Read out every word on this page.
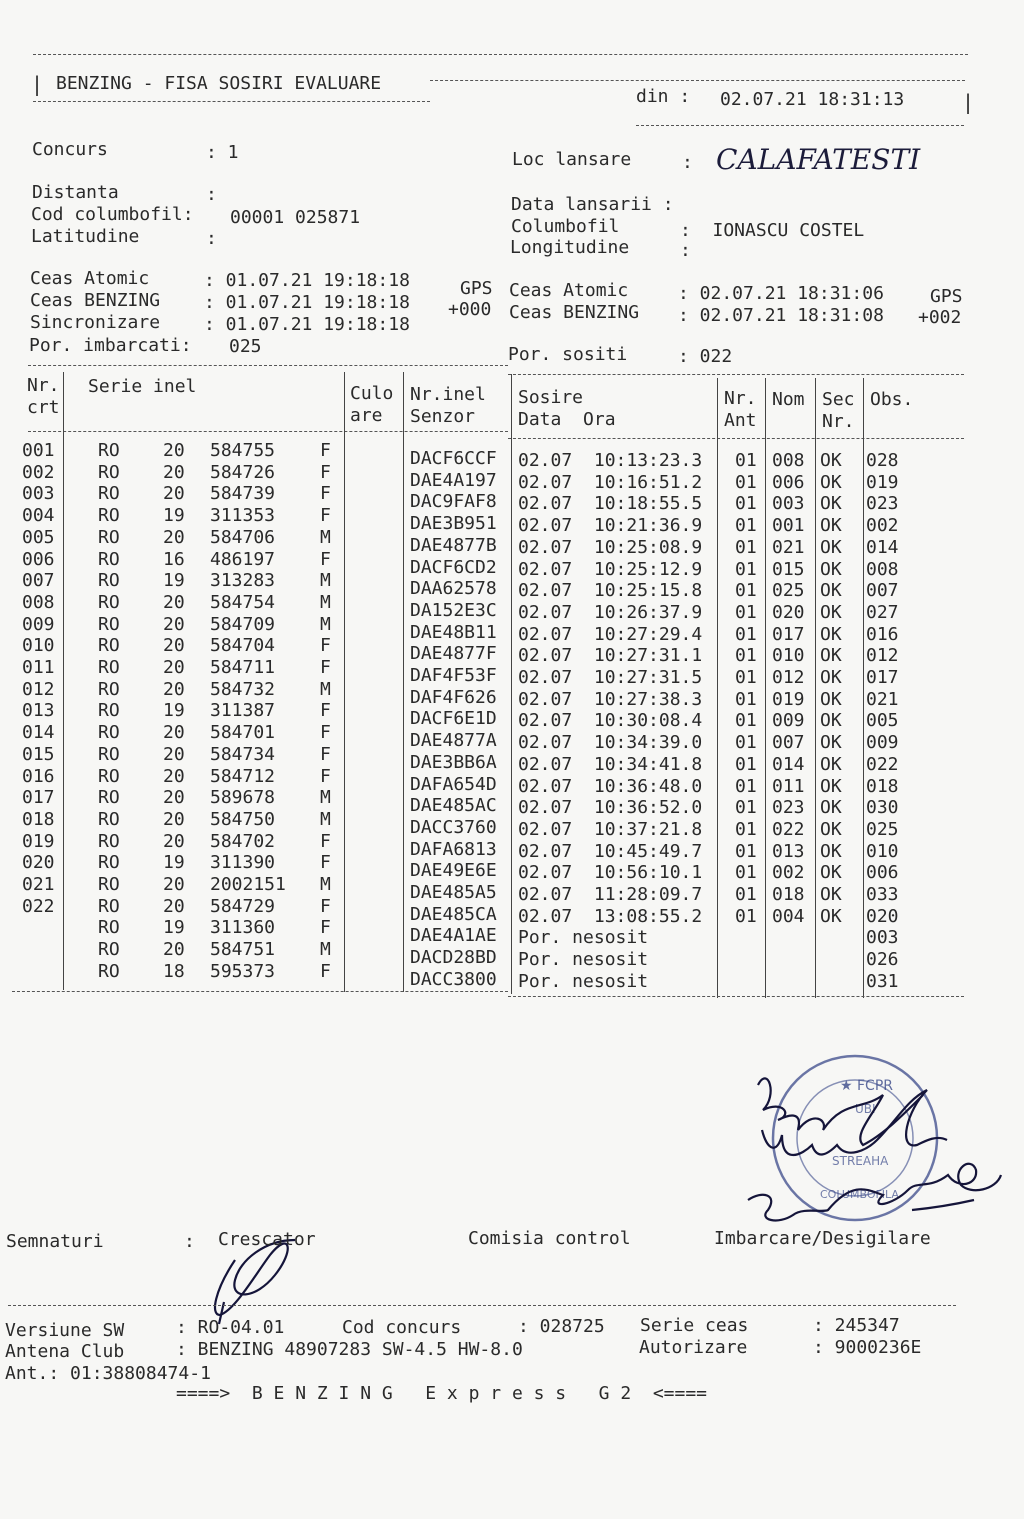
| BENZING - FISA SOSIRI EVALUARE
din : 02.07.21 18:31:13	|
Concurs	: 1
Distanta	:
Cod columbofil: 00001 025871
Latitudine	:
Loc lansare	: CALAFATESTI
Data lansarii :
Columbofil	:  IONASCU COSTEL
Longitudine	:
Ceas Atomic	: 01.07.21 19:18:18	GPS
Ceas BENZING : 01.07.21 19:18:18 +000
Sincronizare : 01.07.21 19:18:18
Por. imbarcati: 025
Ceas Atomic	: 02.07.21 18:31:06	GPS
Ceas BENZING : 02.07.21 18:31:08 +002
Por. sositi	: 022
Nr.
crt
Serie inel	Culo
are
Nr.inel
Senzor
Sosire
Data  Ora
Nr.
Ant
Nom Sec
Nr.
Obs.
001 RO 20 584755 F	DACF6CCF 02.07  10:13:23.3 01 008 OK 028
002 RO 20 584726 F	DAE4A197 02.07  10:16:51.2 01 006 OK 019
003 RO 20 584739 F	DAC9FAF8 02.07  10:18:55.5 01 003 OK 023
004 RO 19 311353 F	DAE3B951 02.07  10:21:36.9 01 001 OK 002
005 RO 20 584706 M	DAE4877B 02.07  10:25:08.9 01 021 OK 014
006 RO 16 486197 F	DACF6CD2 02.07  10:25:12.9 01 015 OK 008
007 RO 19 313283 M	DAA62578 02.07  10:25:15.8 01 025 OK 007
008 RO 20 584754 M	DA152E3C 02.07  10:26:37.9 01 020 OK 027
009 RO 20 584709 M	DAE48B11 02.07  10:27:29.4 01 017 OK 016
010 RO 20 584704 F	DAE4877F 02.07  10:27:31.1 01 010 OK 012
011 RO 20 584711 F	DAF4F53F 02.07  10:27:31.5 01 012 OK 017
012 RO 20 584732 M	DAF4F626 02.07  10:27:38.3 01 019 OK 021
013 RO 19 311387 F	DACF6E1D 02.07  10:30:08.4 01 009 OK 005
014 RO 20 584701 F	DAE4877A 02.07  10:34:39.0 01 007 OK 009
015 RO 20 584734 F	DAE3BB6A 02.07  10:34:41.8 01 014 OK 022
016 RO 20 584712 F	DAFA654D 02.07  10:36:48.0 01 011 OK 018
017 RO 20 589678 M	DAE485AC 02.07  10:36:52.0 01 023 OK 030
018 RO 20 584750 M	DACC3760 02.07  10:37:21.8 01 022 OK 025
019 RO 20 584702 F	DAFA6813 02.07  10:45:49.7 01 013 OK 010
020 RO 19 311390 F	DAE49E6E 02.07  10:56:10.1 01 002 OK 006
021 RO 20 2002151 M	DAE485A5 02.07  11:28:09.7 01 018 OK 033
022 RO 20 584729 F	DAE485CA 02.07  13:08:55.2 01 004 OK 020
RO 19 311360 F	DAE4A1AE Por. nesosit	003
RO 20 584751 M	DACD28BD Por. nesosit	026
RO 18 595373 F	DACC3800 Por. nesosit	031
★ FCPR
UBI
STREAHA
COLUMBOFILA
Semnaturi	: Crescator	Comisia control	Imbarcare/Desigilare
Versiune SW	: RO-04.01	Cod concurs	: 028725 Serie ceas	: 245347
Antena Club	: BENZING 48907283 SW-4.5 HW-8.0	Autorizare	: 9000236E
Ant.: 01:38808474-1
====>  B E N Z I N G   E x p r e s s   G 2  <====
